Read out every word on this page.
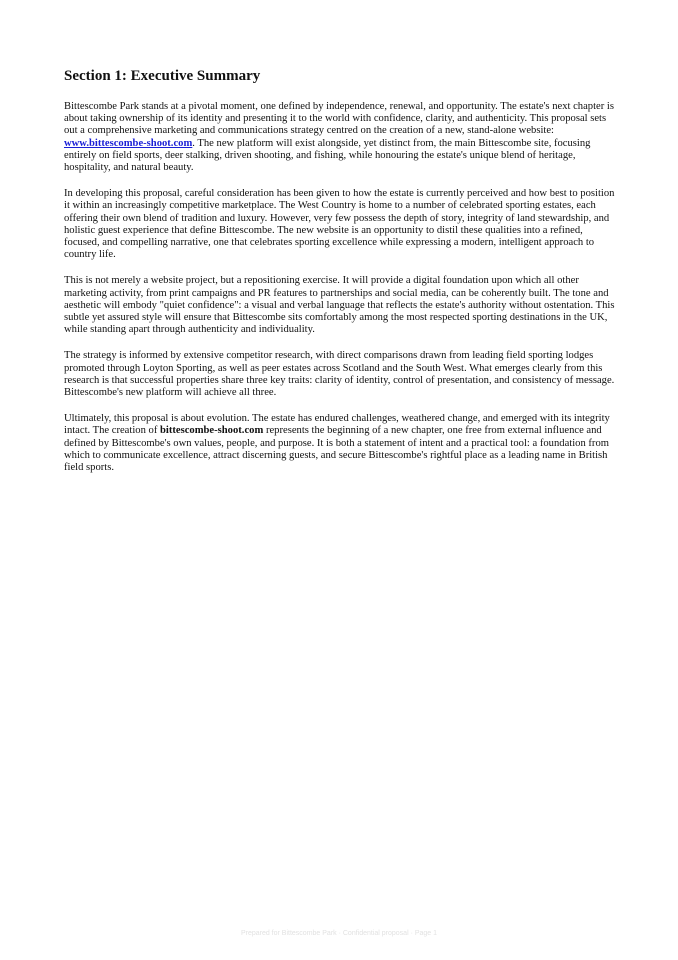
Section 1: Executive Summary

Bittescombe Park stands at a pivotal moment, one defined by independence, renewal, and opportunity. The estate's next chapter is about taking ownership of its identity and presenting it to the world with confidence, clarity, and authenticity. This proposal sets out a comprehensive marketing and communications strategy centred on the creation of a new, stand-alone website: www.bittescombe-shoot.com. The new platform will exist alongside, yet distinct from, the main Bittescombe site, focusing entirely on field sports, deer stalking, driven shooting, and fishing, while honouring the estate's unique blend of heritage, hospitality, and natural beauty.

In developing this proposal, careful consideration has been given to how the estate is currently perceived and how best to position it within an increasingly competitive marketplace. The West Country is home to a number of celebrated sporting estates, each offering their own blend of tradition and luxury. However, very few possess the depth of story, integrity of land stewardship, and holistic guest experience that define Bittescombe. The new website is an opportunity to distil these qualities into a refined, focused, and compelling narrative, one that celebrates sporting excellence while expressing a modern, intelligent approach to country life.

This is not merely a website project, but a repositioning exercise. It will provide a digital foundation upon which all other marketing activity, from print campaigns and PR features to partnerships and social media, can be coherently built. The tone and aesthetic will embody "quiet confidence": a visual and verbal language that reflects the estate's authority without ostentation. This subtle yet assured style will ensure that Bittescombe sits comfortably among the most respected sporting destinations in the UK, while standing apart through authenticity and individuality.

The strategy is informed by extensive competitor research, with direct comparisons drawn from leading field sporting lodges promoted through Loyton Sporting, as well as peer estates across Scotland and the South West. What emerges clearly from this research is that successful properties share three key traits: clarity of identity, control of presentation, and consistency of message. Bittescombe's new platform will achieve all three.

Ultimately, this proposal is about evolution. The estate has endured challenges, weathered change, and emerged with its integrity intact. The creation of bittescombe-shoot.com represents the beginning of a new chapter, one free from external influence and defined by Bittescombe's own values, people, and purpose. It is both a statement of intent and a practical tool: a foundation from which to communicate excellence, attract discerning guests, and secure Bittescombe's rightful place as a leading name in British field sports.

Prepared for Bittescombe Park · Confidential proposal · Page 1
